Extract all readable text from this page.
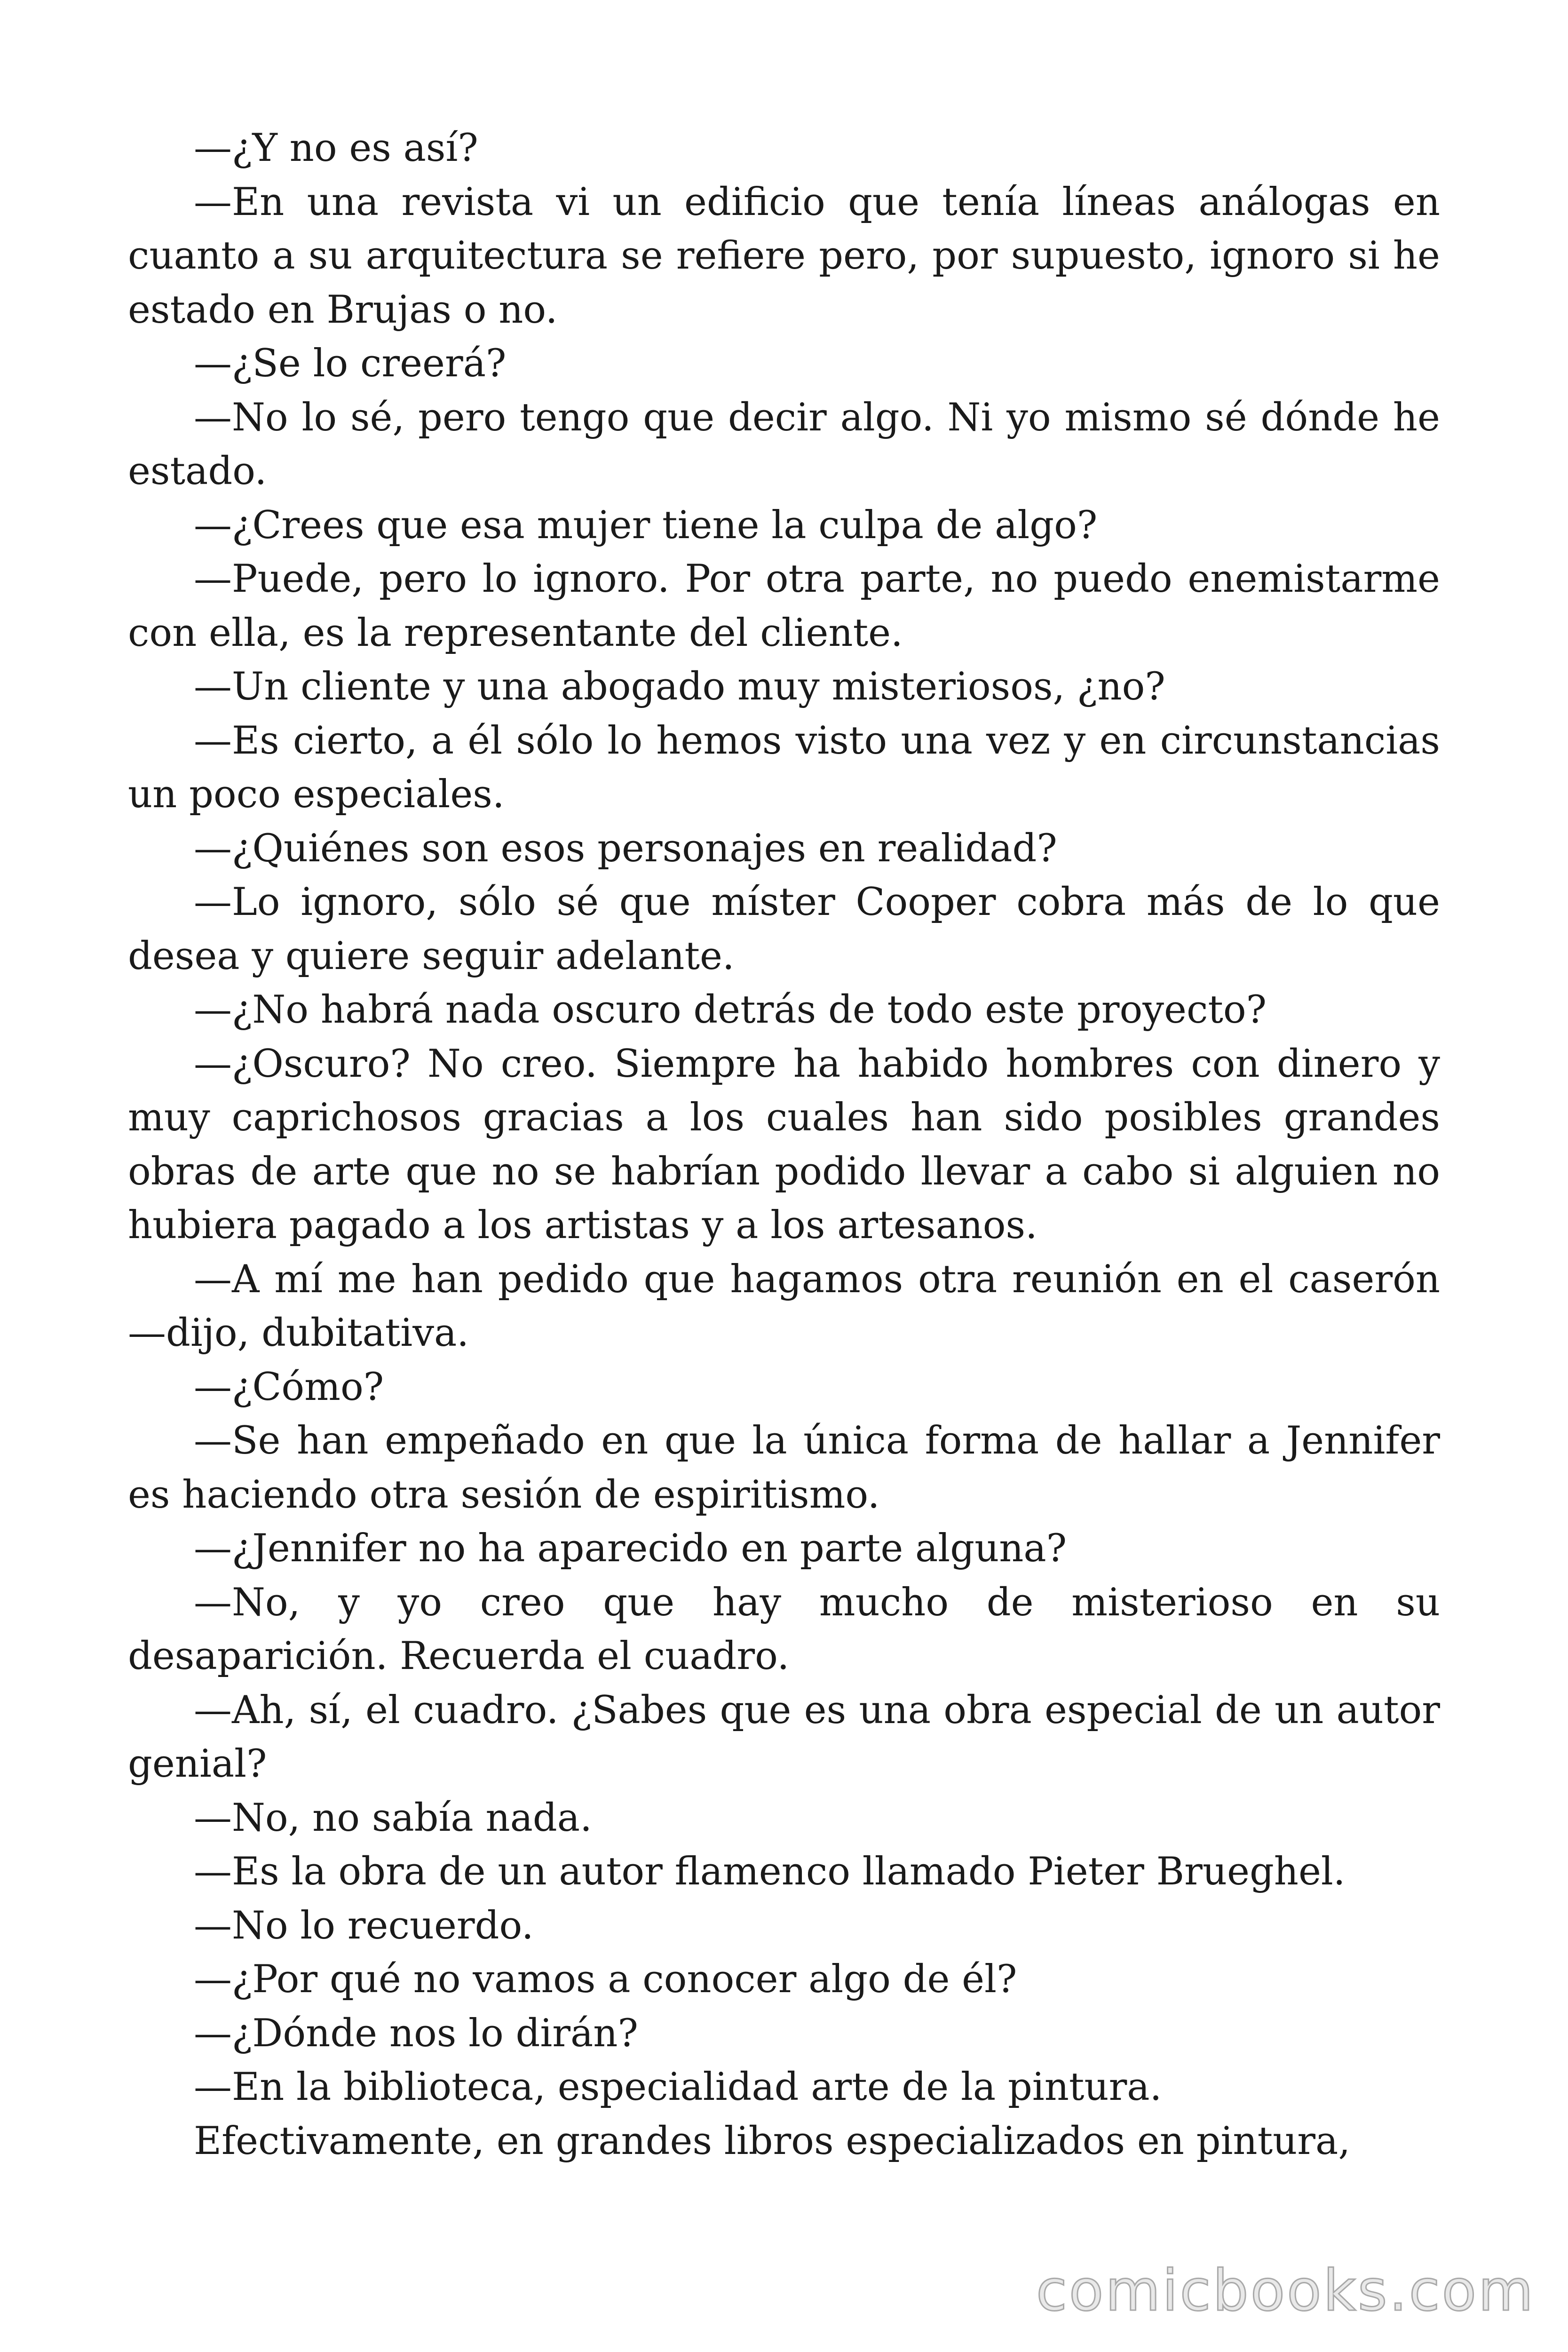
—¿Y no es así?

—En una revista vi un edificio que tenía líneas análogas en cuanto a su arquitectura se refiere pero, por supuesto, ignoro si he estado en Brujas o no.

—¿Se lo creerá?

—No lo sé, pero tengo que decir algo. Ni yo mismo sé dónde he estado.

—¿Crees que esa mujer tiene la culpa de algo?

—Puede, pero lo ignoro. Por otra parte, no puedo enemistarme con ella, es la representante del cliente.

—Un cliente y una abogado muy misteriosos, ¿no?

—Es cierto, a él sólo lo hemos visto una vez y en circunstancias un poco especiales.

—¿Quiénes son esos personajes en realidad?

—Lo ignoro, sólo sé que míster Cooper cobra más de lo que desea y quiere seguir adelante.

—¿No habrá nada oscuro detrás de todo este proyecto?

—¿Oscuro? No creo. Siempre ha habido hombres con dinero y muy caprichosos gracias a los cuales han sido posibles grandes obras de arte que no se habrían podido llevar a cabo si alguien no hubiera pagado a los artistas y a los artesanos.

—A mí me han pedido que hagamos otra reunión en el caserón —dijo, dubitativa.

—¿Cómo?

—Se han empeñado en que la única forma de hallar a Jennifer es haciendo otra sesión de espiritismo.

—¿Jennifer no ha aparecido en parte alguna?

—No, y yo creo que hay mucho de misterioso en su desaparición. Recuerda el cuadro.

—Ah, sí, el cuadro. ¿Sabes que es una obra especial de un autor genial?

—No, no sabía nada.

—Es la obra de un autor flamenco llamado Pieter Brueghel.

—No lo recuerdo.

—¿Por qué no vamos a conocer algo de él?

—¿Dónde nos lo dirán?

—En la biblioteca, especialidad arte de la pintura.

Efectivamente, en grandes libros especializados en pintura,

comicbooks.com
